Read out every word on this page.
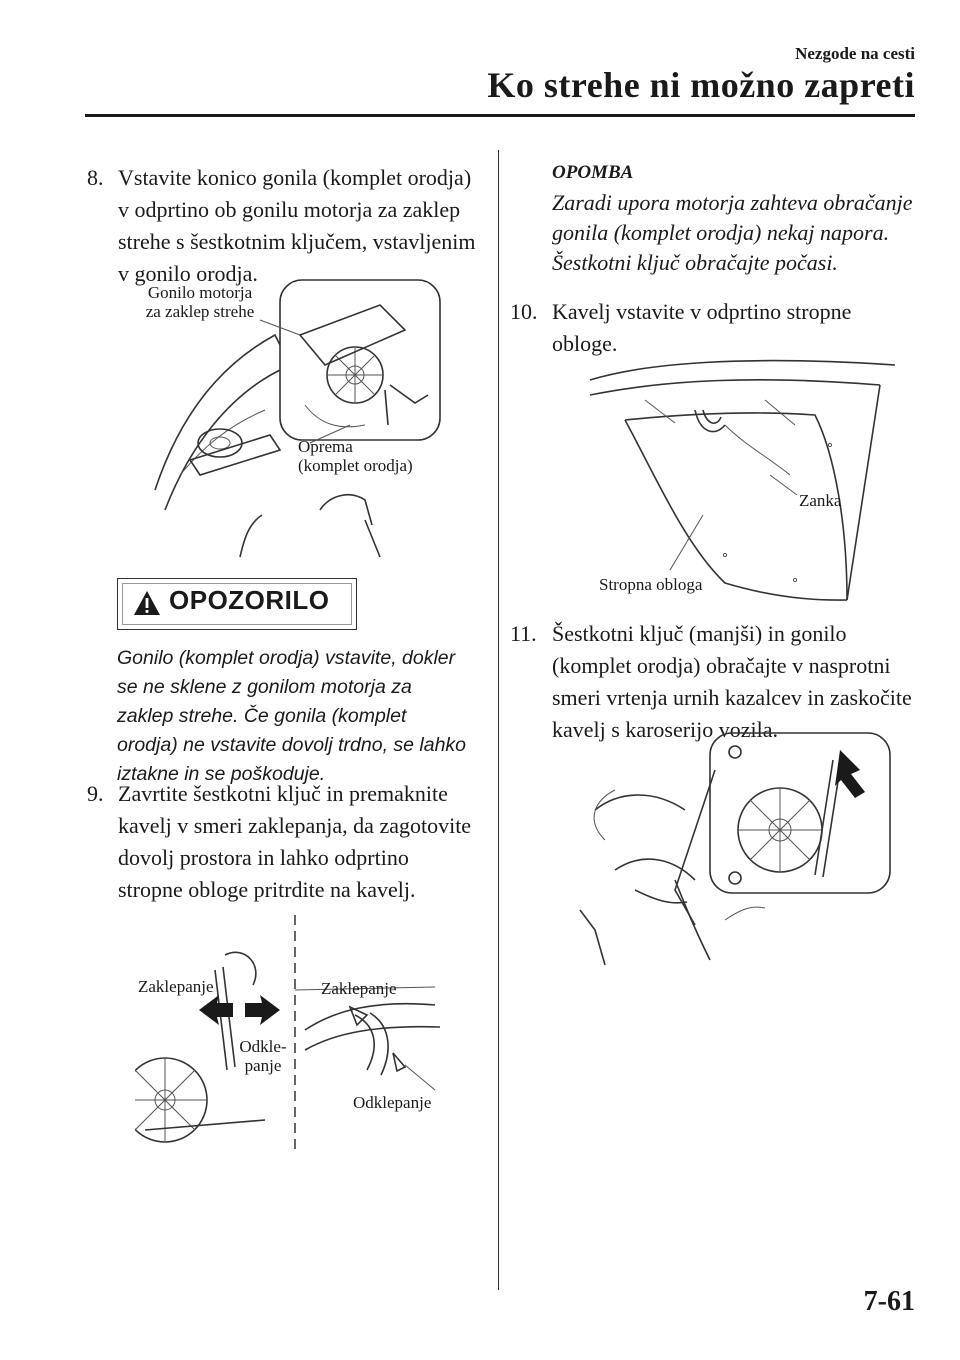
Nezgode na cesti
Ko strehe ni možno zapreti
8. Vstavite konico gonila (komplet orodja) v odprtino ob gonilu motorja za zaklep strehe s šestkotnim ključem, vstavljenim v gonilo orodja.
Gonilo motorja
za zaklep strehe
Oprema
(komplet orodja)
OPOZORILO
Gonilo (komplet orodja) vstavite, dokler se ne sklene z gonilom motorja za zaklep strehe. Če gonila (komplet orodja) ne vstavite dovolj trdno, se lahko iztakne in se poškoduje.
9. Zavrtite šestkotni ključ in premaknite kavelj v smeri zaklepanja, da zagotovite dovolj prostora in lahko odprtino stropne obloge pritrdite na kavelj.
Zaklepanje
Odkle-
panje
Zaklepanje
Odklepanje
OPOMBA
Zaradi upora motorja zahteva obračanje gonila (komplet orodja) nekaj napora. Šestkotni ključ obračajte počasi.
10. Kavelj vstavite v odprtino stropne obloge.
Zanka
Stropna obloga
11. Šestkotni ključ (manjši) in gonilo (komplet orodja) obračajte v nasprotni smeri vrtenja urnih kazalcev in zaskočite kavelj s karoserijo vozila.
7-61
